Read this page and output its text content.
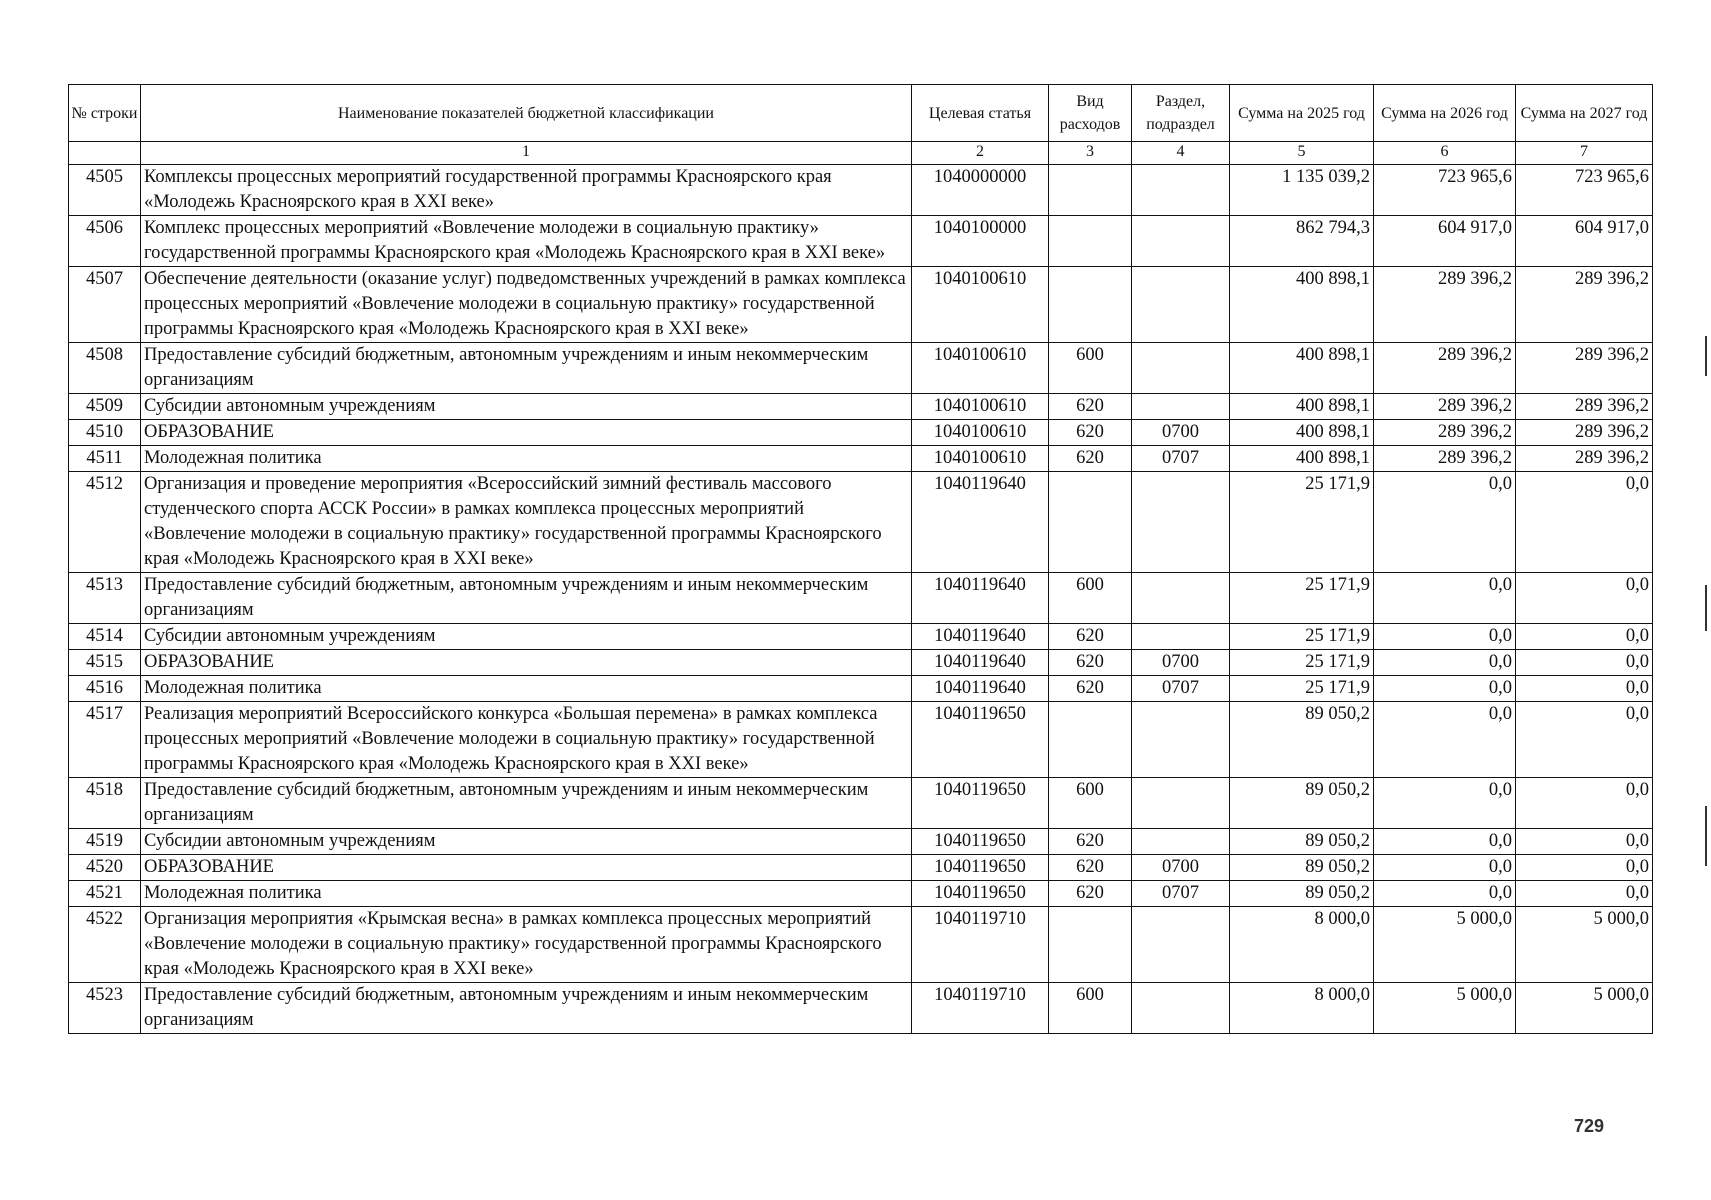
№ строки	Наименование показателей бюджетной классификации	Целевая статья	Вид расходов	Раздел, подраздел	Сумма на 2025 год	Сумма на 2026 год	Сумма на 2027 год
	1	2	3	4	5	6	7
4505	Комплексы процессных мероприятий государственной программы Красноярского края «Молодежь Красноярского края в XXI веке»	1040000000			1 135 039,2	723 965,6	723 965,6
4506	Комплекс процессных мероприятий «Вовлечение молодежи в социальную практику» государственной программы Красноярского края «Молодежь Красноярского края в XXI веке»	1040100000			862 794,3	604 917,0	604 917,0
4507	Обеспечение деятельности (оказание услуг) подведомственных учреждений в рамках комплекса процессных мероприятий «Вовлечение молодежи в социальную практику» государственной программы Красноярского края «Молодежь Красноярского края в XXI веке»	1040100610			400 898,1	289 396,2	289 396,2
4508	Предоставление субсидий бюджетным, автономным учреждениям и иным некоммерческим организациям	1040100610	600		400 898,1	289 396,2	289 396,2
4509	Субсидии автономным учреждениям	1040100610	620		400 898,1	289 396,2	289 396,2
4510	ОБРАЗОВАНИЕ	1040100610	620	0700	400 898,1	289 396,2	289 396,2
4511	Молодежная политика	1040100610	620	0707	400 898,1	289 396,2	289 396,2
4512	Организация и проведение мероприятия «Всероссийский зимний фестиваль массового студенческого спорта АССК России» в рамках комплекса процессных мероприятий «Вовлечение молодежи в социальную практику» государственной программы Красноярского края «Молодежь Красноярского края в XXI веке»	1040119640			25 171,9	0,0	0,0
4513	Предоставление субсидий бюджетным, автономным учреждениям и иным некоммерческим организациям	1040119640	600		25 171,9	0,0	0,0
4514	Субсидии автономным учреждениям	1040119640	620		25 171,9	0,0	0,0
4515	ОБРАЗОВАНИЕ	1040119640	620	0700	25 171,9	0,0	0,0
4516	Молодежная политика	1040119640	620	0707	25 171,9	0,0	0,0
4517	Реализация мероприятий Всероссийского конкурса «Большая перемена» в рамках комплекса процессных мероприятий «Вовлечение молодежи в социальную практику» государственной программы Красноярского края «Молодежь Красноярского края в XXI веке»	1040119650			89 050,2	0,0	0,0
4518	Предоставление субсидий бюджетным, автономным учреждениям и иным некоммерческим организациям	1040119650	600		89 050,2	0,0	0,0
4519	Субсидии автономным учреждениям	1040119650	620		89 050,2	0,0	0,0
4520	ОБРАЗОВАНИЕ	1040119650	620	0700	89 050,2	0,0	0,0
4521	Молодежная политика	1040119650	620	0707	89 050,2	0,0	0,0
4522	Организация мероприятия «Крымская весна» в рамках комплекса процессных мероприятий «Вовлечение молодежи в социальную практику» государственной программы Красноярского края «Молодежь Красноярского края в XXI веке»	1040119710			8 000,0	5 000,0	5 000,0
4523	Предоставление субсидий бюджетным, автономным учреждениям и иным некоммерческим организациям	1040119710	600		8 000,0	5 000,0	5 000,0
729
